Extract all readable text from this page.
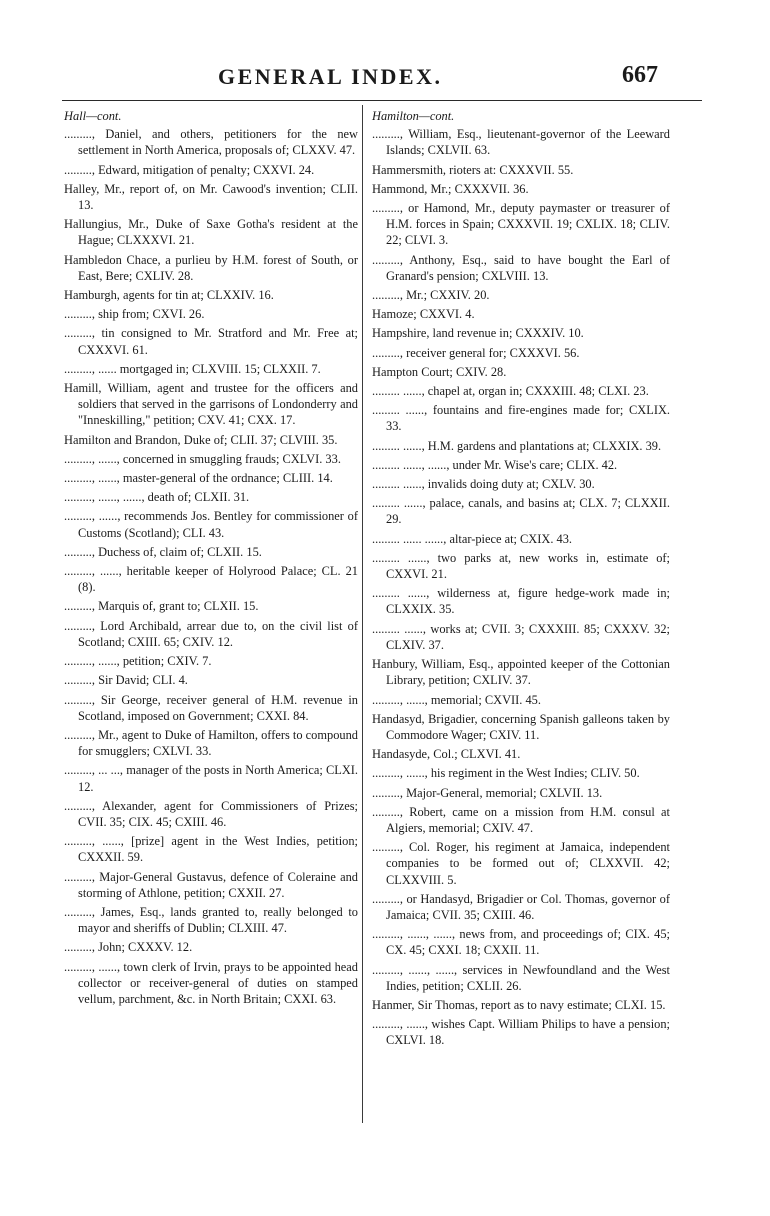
GENERAL INDEX.	667
Hall—cont.
........., Daniel, and others, petitioners for the new settlement in North America, proposals of; CLXXV. 47.
........., Edward, mitigation of penalty; CXXVI. 24.
Halley, Mr., report of, on Mr. Cawood's invention; CLII. 13.
Hallungius, Mr., Duke of Saxe Gotha's resident at the Hague; CLXXXVI. 21.
Hambledon Chace, a purlieu by H.M. forest of South, or East, Bere; CXLIV. 28.
Hamburgh, agents for tin at; CLXXIV. 16.
........., ship from; CXVI. 26.
........., tin consigned to Mr. Stratford and Mr. Free at; CXXXVI. 61.
........., ...... mortgaged in; CLXVIII. 15; CLXXII. 7.
Hamill, William, agent and trustee for the officers and soldiers that served in the garrisons of Londonderry and "Inneskilling," petition; CXV. 41; CXX. 17.
Hamilton and Brandon, Duke of; CLII. 37; CLVIII. 35.
........., ......, concerned in smuggling frauds; CXLVI. 33.
........., ......, master-general of the ordnance; CLIII. 14.
........., ......, ......, death of; CLXII. 31.
........., ......, recommends Jos. Bentley for commissioner of Customs (Scotland); CLI. 43.
........., Duchess of, claim of; CLXII. 15.
........., ......, heritable keeper of Holyrood Palace; CL. 21 (8).
........., Marquis of, grant to; CLXII. 15.
........., Lord Archibald, arrear due to, on the civil list of Scotland; CXIII. 65; CXIV. 12.
........., ......, petition; CXIV. 7.
........., Sir David; CLI. 4.
........., Sir George, receiver general of H.M. revenue in Scotland, imposed on Government; CXXI. 84.
........., Mr., agent to Duke of Hamilton, offers to compound for smugglers; CXLVI. 33.
........., ... ..., manager of the posts in North America; CLXI. 12.
........., Alexander, agent for Commissioners of Prizes; CVII. 35; CIX. 45; CXIII. 46.
........., ......, [prize] agent in the West Indies, petition; CXXXII. 59.
........., Major-General Gustavus, defence of Coleraine and storming of Athlone, petition; CXXII. 27.
........., James, Esq., lands granted to, really belonged to mayor and sheriffs of Dublin; CLXIII. 47.
........., John; CXXXV. 12.
........., ......, town clerk of Irvin, prays to be appointed head collector or receiver-general of duties on stamped vellum, parchment, &c. in North Britain; CXXI. 63.
Hamilton—cont.
........., William, Esq., lieutenant-governor of the Leeward Islands; CXLVII. 63.
Hammersmith, rioters at: CXXXVII. 55.
Hammond, Mr.; CXXXVII. 36.
........., or Hamond, Mr., deputy paymaster or treasurer of H.M. forces in Spain; CXXXVII. 19; CXLIX. 18; CLIV. 22; CLVI. 3.
........., Anthony, Esq., said to have bought the Earl of Granard's pension; CXLVIII. 13.
........., Mr.; CXXIV. 20.
Hamoze; CXXVI. 4.
Hampshire, land revenue in; CXXXIV. 10.
........., receiver general for; CXXXVI. 56.
Hampton Court; CXIV. 28.
......... ......, chapel at, organ in; CXXXIII. 48; CLXI. 23.
......... ......, fountains and fire-engines made for; CXLIX. 33.
......... ......, H.M. gardens and plantations at; CLXXIX. 39.
......... ......, ......, under Mr. Wise's care; CLIX. 42.
......... ......, invalids doing duty at; CXLV. 30.
......... ......, palace, canals, and basins at; CLX. 7; CLXXII. 29.
......... ...... ......, altar-piece at; CXIX. 43.
......... ......, two parks at, new works in, estimate of; CXXVI. 21.
......... ......, wilderness at, figure hedge-work made in; CLXXIX. 35.
......... ......, works at; CVII. 3; CXXXIII. 85; CXXXV. 32; CLXIV. 37.
Hanbury, William, Esq., appointed keeper of the Cottonian Library, petition; CXLIV. 37.
........., ......, memorial; CXVII. 45.
Handasyd, Brigadier, concerning Spanish galleons taken by Commodore Wager; CXIV. 11.
Handasyde, Col.; CLXVI. 41.
........., ......, his regiment in the West Indies; CLIV. 50.
........., Major-General, memorial; CXLVII. 13.
........., Robert, came on a mission from H.M. consul at Algiers, memorial; CXIV. 47.
........., Col. Roger, his regiment at Jamaica, independent companies to be formed out of; CLXXVII. 42; CLXXVIII. 5.
........., or Handasyd, Brigadier or Col. Thomas, governor of Jamaica; CVII. 35; CXIII. 46.
........., ......, ......, news from, and proceedings of; CIX. 45; CX. 45; CXXI. 18; CXXII. 11.
........., ......, ......, services in Newfoundland and the West Indies, petition; CXLII. 26.
Hanmer, Sir Thomas, report as to navy estimate; CLXI. 15.
........., ......, wishes Capt. William Philips to have a pension; CXLVI. 18.
